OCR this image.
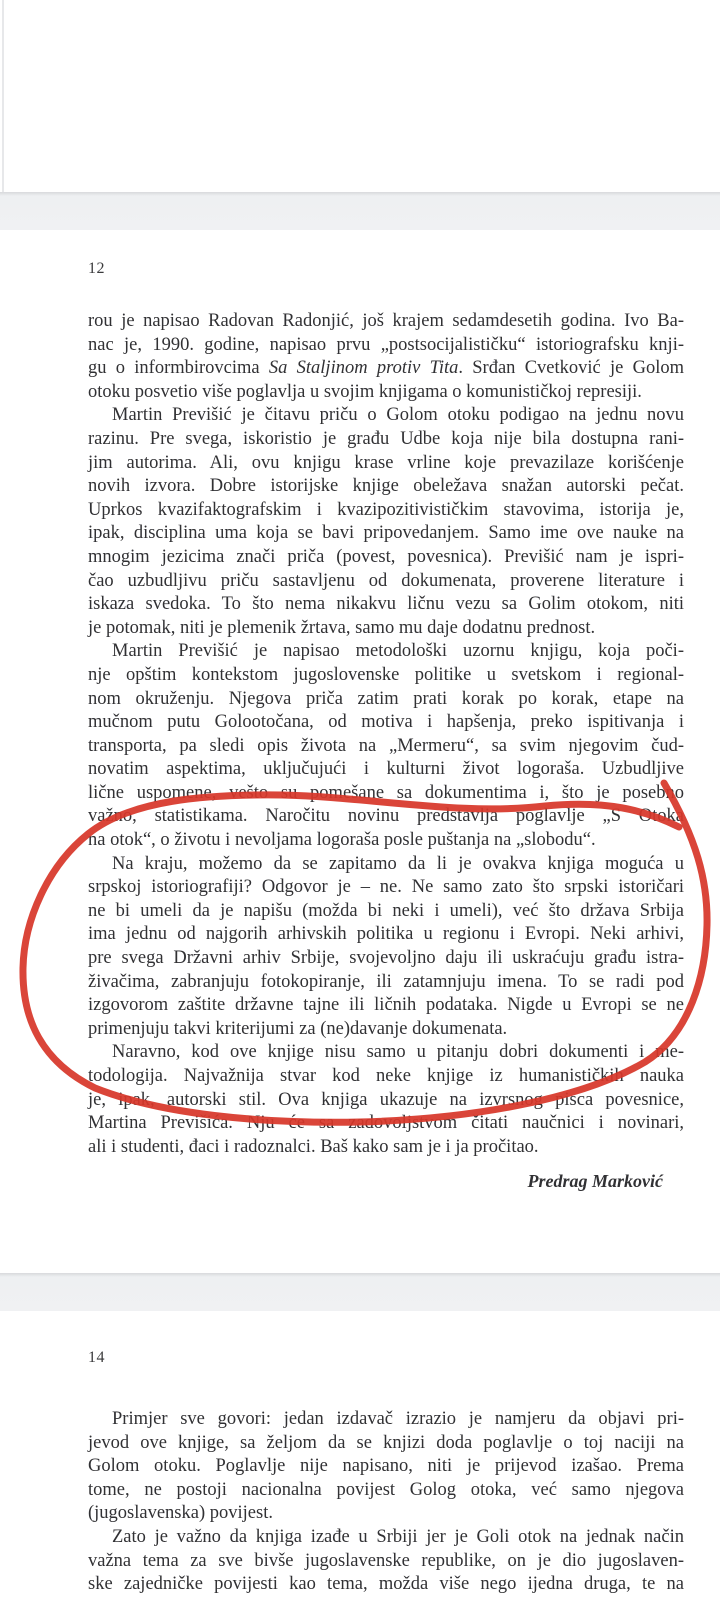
12
rou je napisao Radovan Radonjić, još krajem sedamdesetih godina. Ivo Ba-
nac je, 1990. godine, napisao prvu „postsocijalističku“ istoriografsku knji-
gu o informbirovcima Sa Staljinom protiv Tita. Srđan Cvetković je Golom
otoku posvetio više poglavlja u svojim knjigama o komunističkoj represiji.
Martin Previšić je čitavu priču o Golom otoku podigao na jednu novu
razinu. Pre svega, iskoristio je građu Udbe koja nije bila dostupna rani-
jim autorima. Ali, ovu knjigu krase vrline koje prevazilaze korišćenje
novih izvora. Dobre istorijske knjige obeležava snažan autorski pečat.
Uprkos kvazifaktografskim i kvazipozitivističkim stavovima, istorija je,
ipak, disciplina uma koja se bavi pripovedanjem. Samo ime ove nauke na
mnogim jezicima znači priča (povest, povesnica). Previšić nam je ispri-
čao uzbudljivu priču sastavljenu od dokumenata, proverene literature i
iskaza svedoka. To što nema nikakvu ličnu vezu sa Golim otokom, niti
je potomak, niti je plemenik žrtava, samo mu daje dodatnu prednost.
Martin Previšić je napisao metodološki uzornu knjigu, koja poči-
nje opštim kontekstom jugoslovenske politike u svetskom i regional-
nom okruženju. Njegova priča zatim prati korak po korak, etape na
mučnom putu Golootočana, od motiva i hapšenja, preko ispitivanja i
transporta, pa sledi opis života na „Mermeru“, sa svim njegovim čud-
novatim aspektima, uključujući i kulturni život logoraša. Uzbudljive
lične uspomene, vešto su pomešane sa dokumentima i, što je posebno
važno, statistikama. Naročitu novinu predstavlja poglavlje „S Otoka
na otok“, o životu i nevoljama logoraša posle puštanja na „slobodu“.
Na kraju, možemo da se zapitamo da li je ovakva knjiga moguća u
srpskoj istoriografiji? Odgovor je – ne. Ne samo zato što srpski istoričari
ne bi umeli da je napišu (možda bi neki i umeli), već što država Srbija
ima jednu od najgorih arhivskih politika u regionu i Evropi. Neki arhivi,
pre svega Državni arhiv Srbije, svojevoljno daju ili uskraćuju građu istra-
živačima, zabranjuju fotokopiranje, ili zatamnjuju imena. To se radi pod
izgovorom zaštite državne tajne ili ličnih podataka. Nigde u Evropi se ne
primenjuju takvi kriterijumi za (ne)davanje dokumenata.
Naravno, kod ove knjige nisu samo u pitanju dobri dokumenti i me-
todologija. Najvažnija stvar kod neke knjige iz humanističkih nauka
je, ipak, autorski stil. Ova knjiga ukazuje na izvrsnog pisca povesnice,
Martina Previšića. Nju će sa zadovoljstvom čitati naučnici i novinari,
ali i studenti, đaci i radoznalci. Baš kako sam je i ja pročitao.
Predrag Marković
14
Primjer sve govori: jedan izdavač izrazio je namjeru da objavi pri-
jevod ove knjige, sa željom da se knjizi doda poglavlje o toj naciji na
Golom otoku. Poglavlje nije napisano, niti je prijevod izašao. Prema
tome, ne postoji nacionalna povijest Golog otoka, već samo njegova
(jugoslavenska) povijest.
Zato je važno da knjiga izađe u Srbiji jer je Goli otok na jednak način
važna tema za sve bivše jugoslavenske republike, on je dio jugoslaven-
ske zajedničke povijesti kao tema, možda više nego ijedna druga, te na
